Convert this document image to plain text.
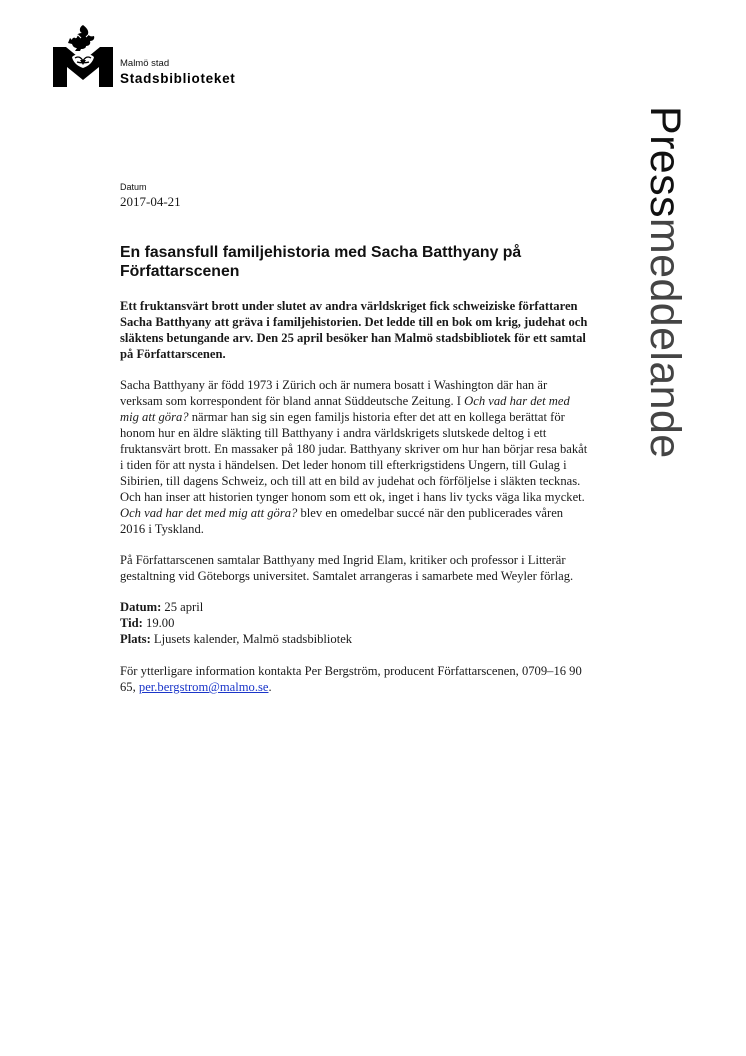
Malmö stad
Stadsbiblioteket
Pressmeddelande
Datum
2017-04-21
En fasansfull familjehistoria med Sacha Batthyany på Författarscenen

Ett fruktansvärt brott under slutet av andra världskriget fick schweiziske författaren Sacha Batthyany att gräva i familjehistorien. Det ledde till en bok om krig, judehat och släktens betungande arv. Den 25 april besöker han Malmö stadsbibliotek för ett samtal på Författarscenen.

Sacha Batthyany är född 1973 i Zürich och är numera bosatt i Washington där han är verksam som korrespondent för bland annat Süddeutsche Zeitung. I Och vad har det med mig att göra? närmar han sig sin egen familjs historia efter det att en kollega berättat för honom hur en äldre släkting till Batthyany i andra världskrigets slutskede deltog i ett fruktansvärt brott. En massaker på 180 judar. Batthyany skriver om hur han börjar resa bakåt i tiden för att nysta i händelsen. Det leder honom till efterkrigstidens Ungern, till Gulag i Sibirien, till dagens Schweiz, och till att en bild av judehat och förföljelse i släkten tecknas. Och han inser att historien tynger honom som ett ok, inget i hans liv tycks väga lika mycket. Och vad har det med mig att göra? blev en omedelbar succé när den publicerades våren 2016 i Tyskland.

På Författarscenen samtalar Batthyany med Ingrid Elam, kritiker och professor i Litterär gestaltning vid Göteborgs universitet. Samtalet arrangeras i samarbete med Weyler förlag.

Datum: 25 april

Tid: 19.00

Plats: Ljusets kalender, Malmö stadsbibliotek

För ytterligare information kontakta Per Bergström, producent Författarscenen, 0709–16 90 65, per.bergstrom@malmo.se.
